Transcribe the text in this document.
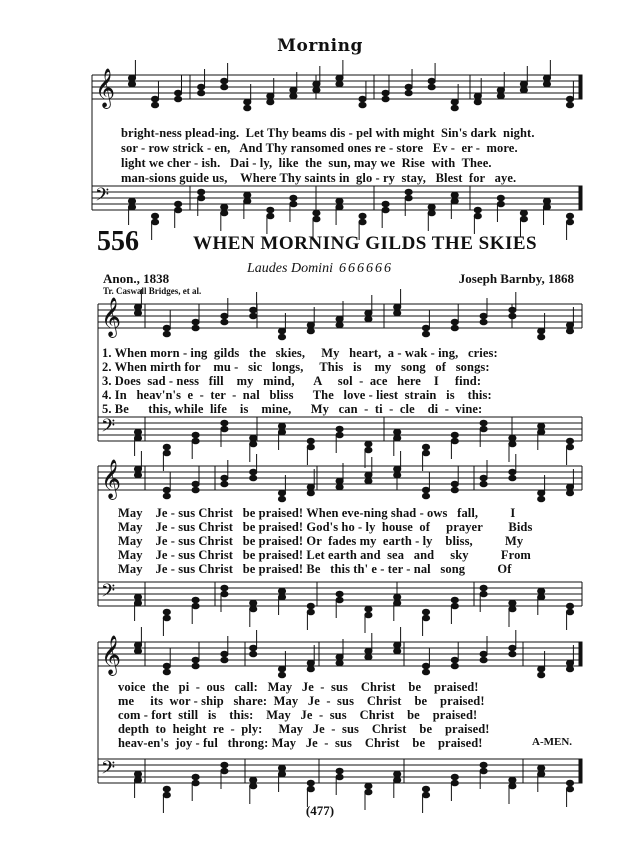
Morning
𝄞
𝄢
𝄞
𝄢
𝄞
𝄢
𝄞
𝄢
556	WHEN MORNING GILDS THE SKIES
Laudes Domini 666666
Anon., 1838
Tr. Caswall Bridges, et al.
Joseph Barnby, 1868
bright-ness plead-ing.  Let Thy beams dis - pel with might  Sin's dark  night.
sor - row strick - en,   And Thy ransomed ones re - store   Ev -  er -  more.
light we cher - ish.   Dai - ly,  like  the  sun, may we  Rise  with  Thee.
man-sions guide us,    Where Thy saints in  glo - ry  stay,   Blest  for   aye.
1. When morn - ing  gilds   the   skies,     My   heart,  a - wak - ing,   cries:
2. When mirth for    mu -   sic   longs,     This   is    my   song   of   songs:
3. Does  sad - ness   fill    my   mind,      A     sol  -  ace   here    I     find:
4. In   heav'n's  e  -  ter  -  nal   bliss      The   love - liest  strain   is    this:
5. Be      this, while  life    is    mine,      My   can  -  ti  -  cle    di  -  vine:
May    Je - sus Christ   be praised! When eve-ning shad - ows   fall,          I
May    Je - sus Christ   be praised! God's ho - ly  house  of     prayer        Bids
May    Je - sus Christ   be praised! Or  fades my  earth - ly    bliss,          My
May    Je - sus Christ   be praised! Let earth and  sea   and     sky          From
May    Je - sus Christ   be praised! Be   this th' e - ter - nal   song          Of
voice  the   pi  -  ous   call:   May   Je  -  sus    Christ    be    praised!
me     its  wor - ship   share:  May   Je  -  sus    Christ    be    praised!
com - fort  still   is    this:    May   Je  -  sus    Christ    be    praised!
depth  to  height  re  -  ply:     May   Je  -  sus    Christ    be    praised!
heav-en's  joy - ful   throng: May   Je  -  sus    Christ    be    praised!	A-MEN.
(477)
